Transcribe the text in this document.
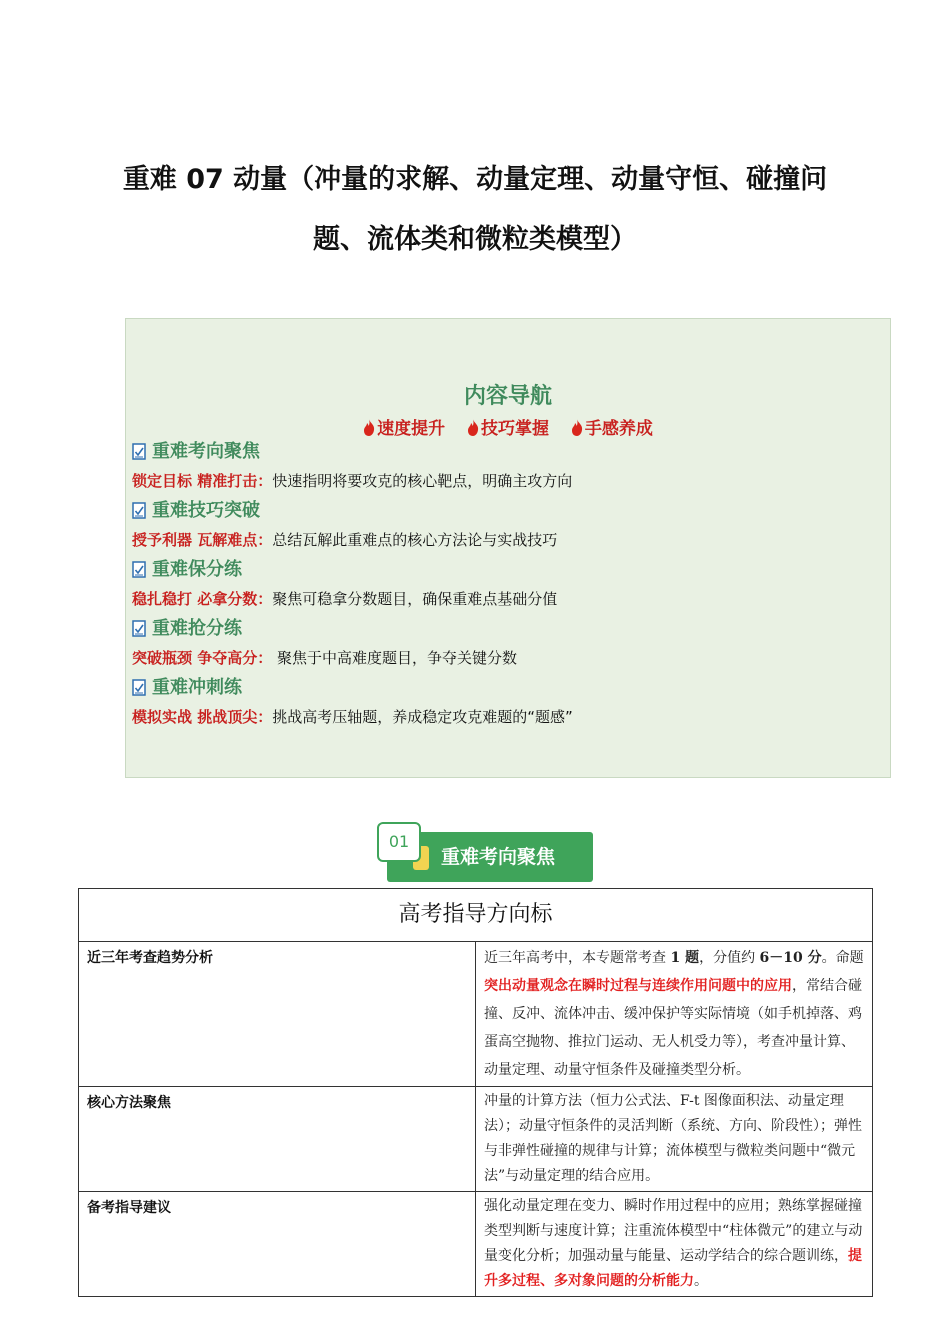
重难 07 动量（冲量的求解、动量定理、动量守恒、碰撞问
题、流体类和微粒类模型）
内容导航
速度提升 技巧掌握 手感养成
重难考向聚焦
锁定目标 精准打击：快速指明将要攻克的核心靶点，明确主攻方向
重难技巧突破
授予利器 瓦解难点：总结瓦解此重难点的核心方法论与实战技巧
重难保分练
稳扎稳打 必拿分数：聚焦可稳拿分数题目，确保重难点基础分值
重难抢分练
突破瓶颈 争夺高分： 聚焦于中高难度题目，争夺关键分数
重难冲刺练
模拟实战 挑战顶尖：挑战高考压轴题，养成稳定攻克难题的“题感”
01
重难考向聚焦
高考指导方向标	
近三年考查趋势分析	近三年高考中，本专题常考查 1 题，分值约 6－10 分。命题突出动量观念在瞬时过程与连续作用问题中的应用，常结合碰撞、反冲、流体冲击、缓冲保护等实际情境（如手机掉落、鸡蛋高空抛物、推拉门运动、无人机受力等），考查冲量计算、动量定理、动量守恒条件及碰撞类型分析。
核心方法聚焦	冲量的计算方法（恒力公式法、F-t 图像面积法、动量定理法）；动量守恒条件的灵活判断（系统、方向、阶段性）；弹性与非弹性碰撞的规律与计算；流体模型与微粒类问题中“微元法”与动量定理的结合应用。
备考指导建议	强化动量定理在变力、瞬时作用过程中的应用；熟练掌握碰撞类型判断与速度计算；注重流体模型中“柱体微元”的建立与动量变化分析；加强动量与能量、运动学结合的综合题训练，提升多过程、多对象问题的分析能力。
